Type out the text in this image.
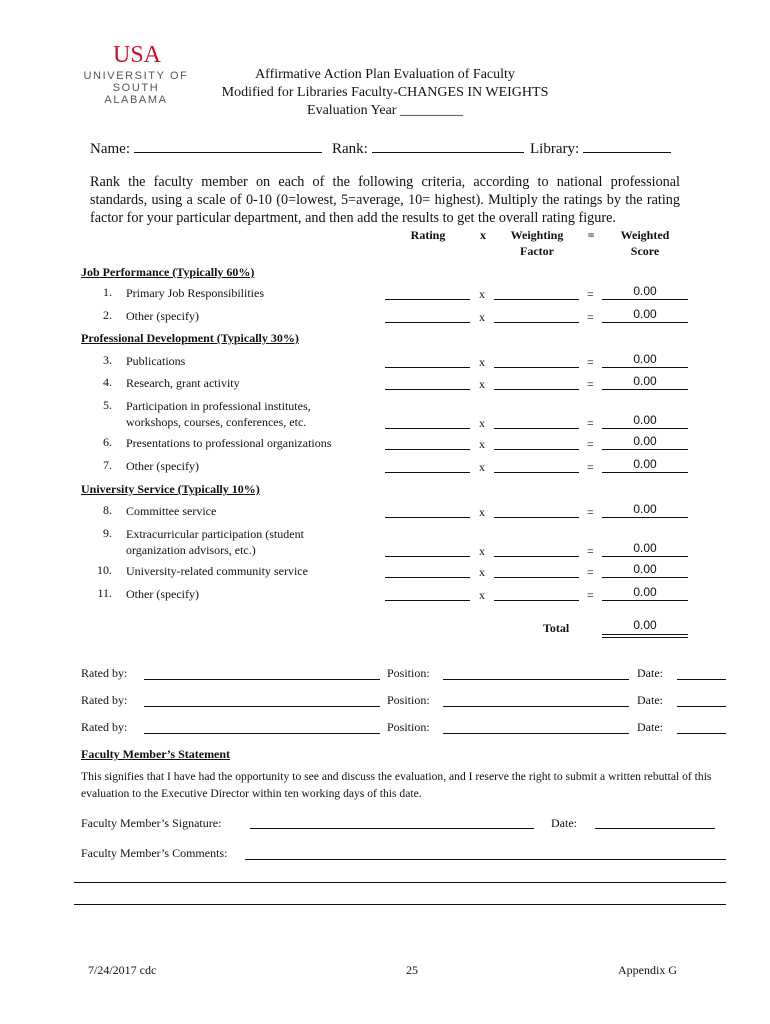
USA
UNIVERSITY OF
SOUTH ALABAMA
Affirmative Action Plan Evaluation of Faculty
Modified for Libraries Faculty-CHANGES IN WEIGHTS
Evaluation Year _________
Name:	Rank:	Library:
Rank the faculty member on each of the following criteria, according to national professional standards, using a scale of 0-10 (0=lowest, 5=average, 10= highest). Multiply the ratings by the rating factor for your particular department, and then add the results to get the overall rating figure.
Rating	x	Weighting
Factor
=	Weighted
Score
Job Performance (Typically 60%)
Professional Development (Typically 30%)
University Service (Typically 10%)
1. Primary Job Responsibilities	x	=	0.00
2. Other (specify)	x	=	0.00
3. Publications	x	=	0.00
4. Research, grant activity	x	=	0.00
5. Participation in professional institutes,
workshops, courses, conferences, etc.	x	=	0.00
6. Presentations to professional organizations	x	=	0.00
7. Other (specify)	x	=	0.00
8. Committee service	x	=	0.00
9. Extracurricular participation (student
organization advisors, etc.)	x	=	0.00
10. University-related community service	x	=	0.00
11. Other (specify)	x	=	0.00
Total	0.00
Rated by:	Position:	Date:
Rated by:	Position:	Date:
Rated by:	Position:	Date:
Faculty Member’s Statement
This signifies that I have had the opportunity to see and discuss the evaluation, and I reserve the right to submit a written rebuttal of this evaluation to the Executive Director within ten working days of this date.
Faculty Member’s Signature:	Date:
Faculty Member’s Comments:
7/24/2017 cdc	25	Appendix G
